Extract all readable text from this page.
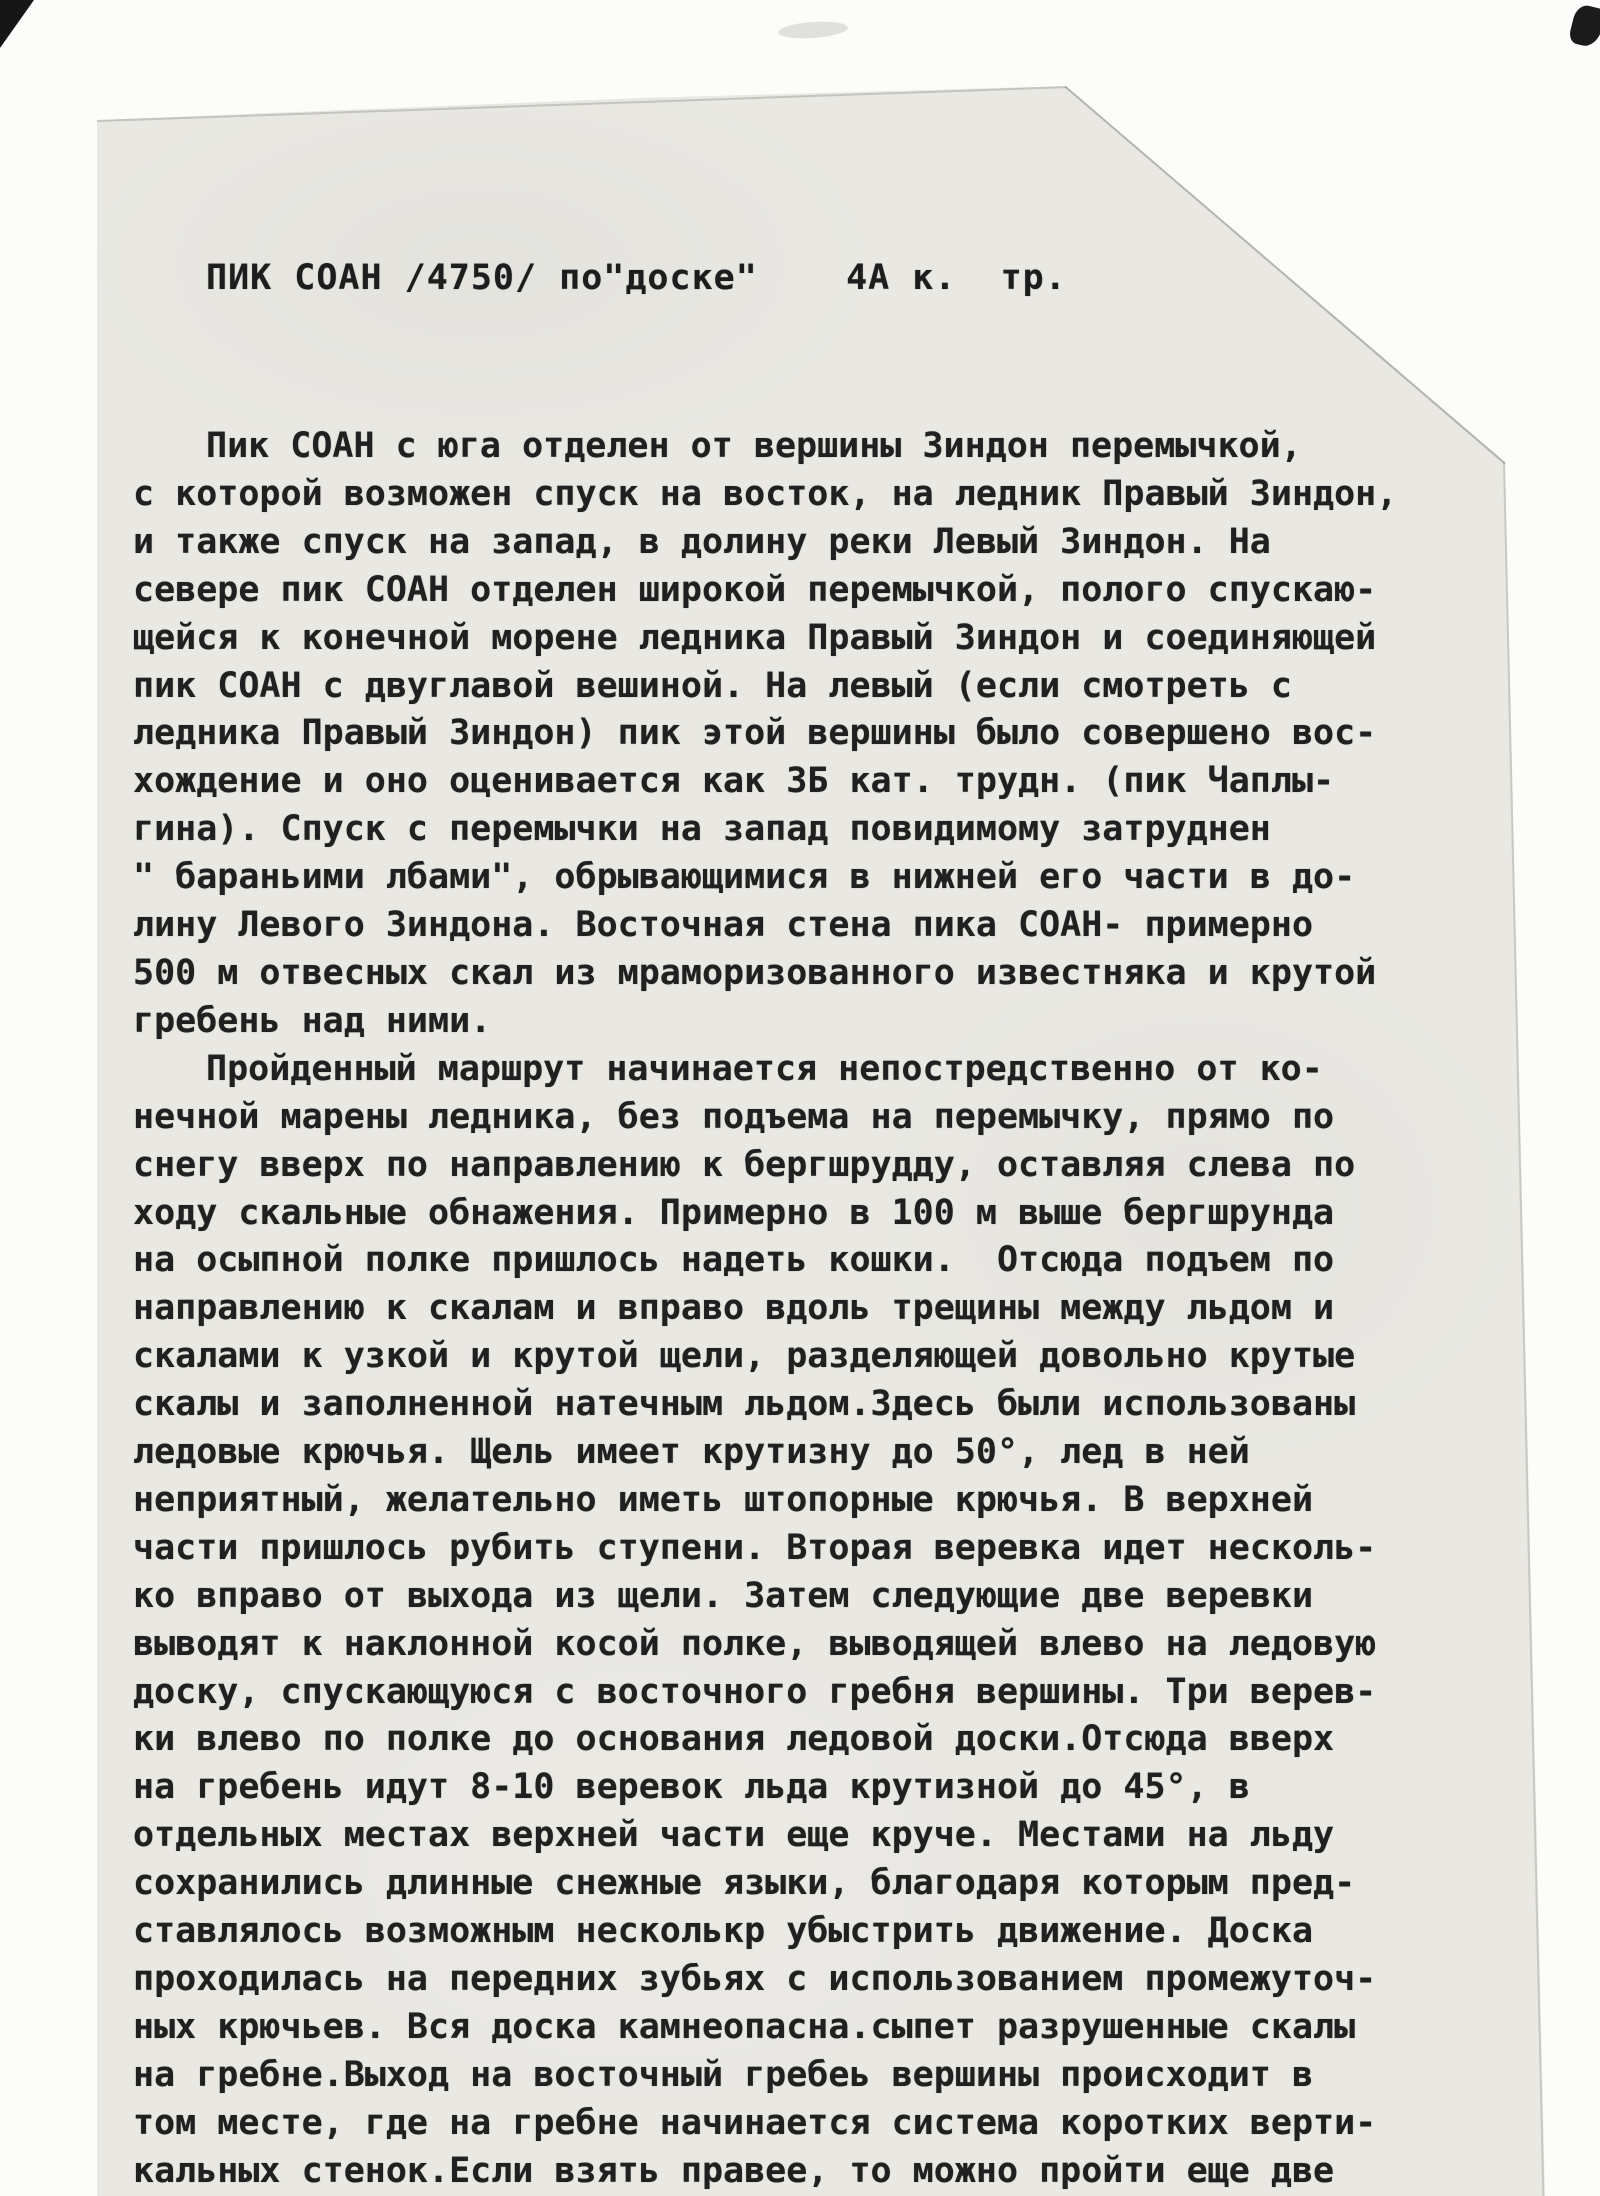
ПИК СОАН /4750/ по"доске"    4А к.  тр.
Пик СОАН с юга отделен от вершины Зиндон перемычкой,
с которой возможен спуск на восток, на ледник Правый Зиндон,
и также спуск на запад, в долину реки Левый Зиндон. На
севере пик СОАН отделен широкой перемычкой, полого спускаю-
щейся к конечной морене ледника Правый Зиндон и соединяющей
пик СОАН с двуглавой вешиной. На левый (если смотреть с
ледника Правый Зиндон) пик этой вершины было совершено вос-
хождение и оно оценивается как 3Б кат. трудн. (пик Чаплы-
гина). Спуск с перемычки на запад повидимому затруднен
" бараньими лбами", обрывающимися в нижней его части в до-
лину Левого Зиндона. Восточная стена пика СОАН- примерно
500 м отвесных скал из мраморизованного известняка и крутой
гребень над ними.
Пройденный маршрут начинается непостредственно от ко-
нечной марены ледника, без подъема на перемычку, прямо по
снегу вверх по направлению к бергшрудду, оставляя слева по
ходу скальные обнажения. Примерно в 100 м выше бергшрунда
на осыпной полке пришлось надеть кошки.  Отсюда подъем по
направлению к скалам и вправо вдоль трещины между льдом и
скалами к узкой и крутой щели, разделяющей довольно крутые
скалы и заполненной натечным льдом.Здесь были использованы
ледовые крючья. Щель имеет крутизну до 50°, лед в ней
неприятный, желательно иметь штопорные крючья. В верхней
части пришлось рубить ступени. Вторая веревка идет несколь-
ко вправо от выхода из щели. Затем следующие две веревки
выводят к наклонной косой полке, выводящей влево на ледовую
доску, спускающуюся с восточного гребня вершины. Три верев-
ки влево по полке до основания ледовой доски.Отсюда вверх
на гребень идут 8-10 веревок льда крутизной до 45°, в
отдельных местах верхней части еще круче. Местами на льду
сохранились длинные снежные языки, благодаря которым пред-
ставлялось возможным несколькр убыстрить движение. Доска
проходилась на передних зубьях с использованием промежуточ-
ных крючьев. Вся доска камнеопасна.сыпет разрушенные скалы
на гребне.Выход на восточный гребеь вершины происходит в
том месте, где на гребне начинается система коротких верти-
кальных стенок.Если взять правее, то можно пройти еще две
